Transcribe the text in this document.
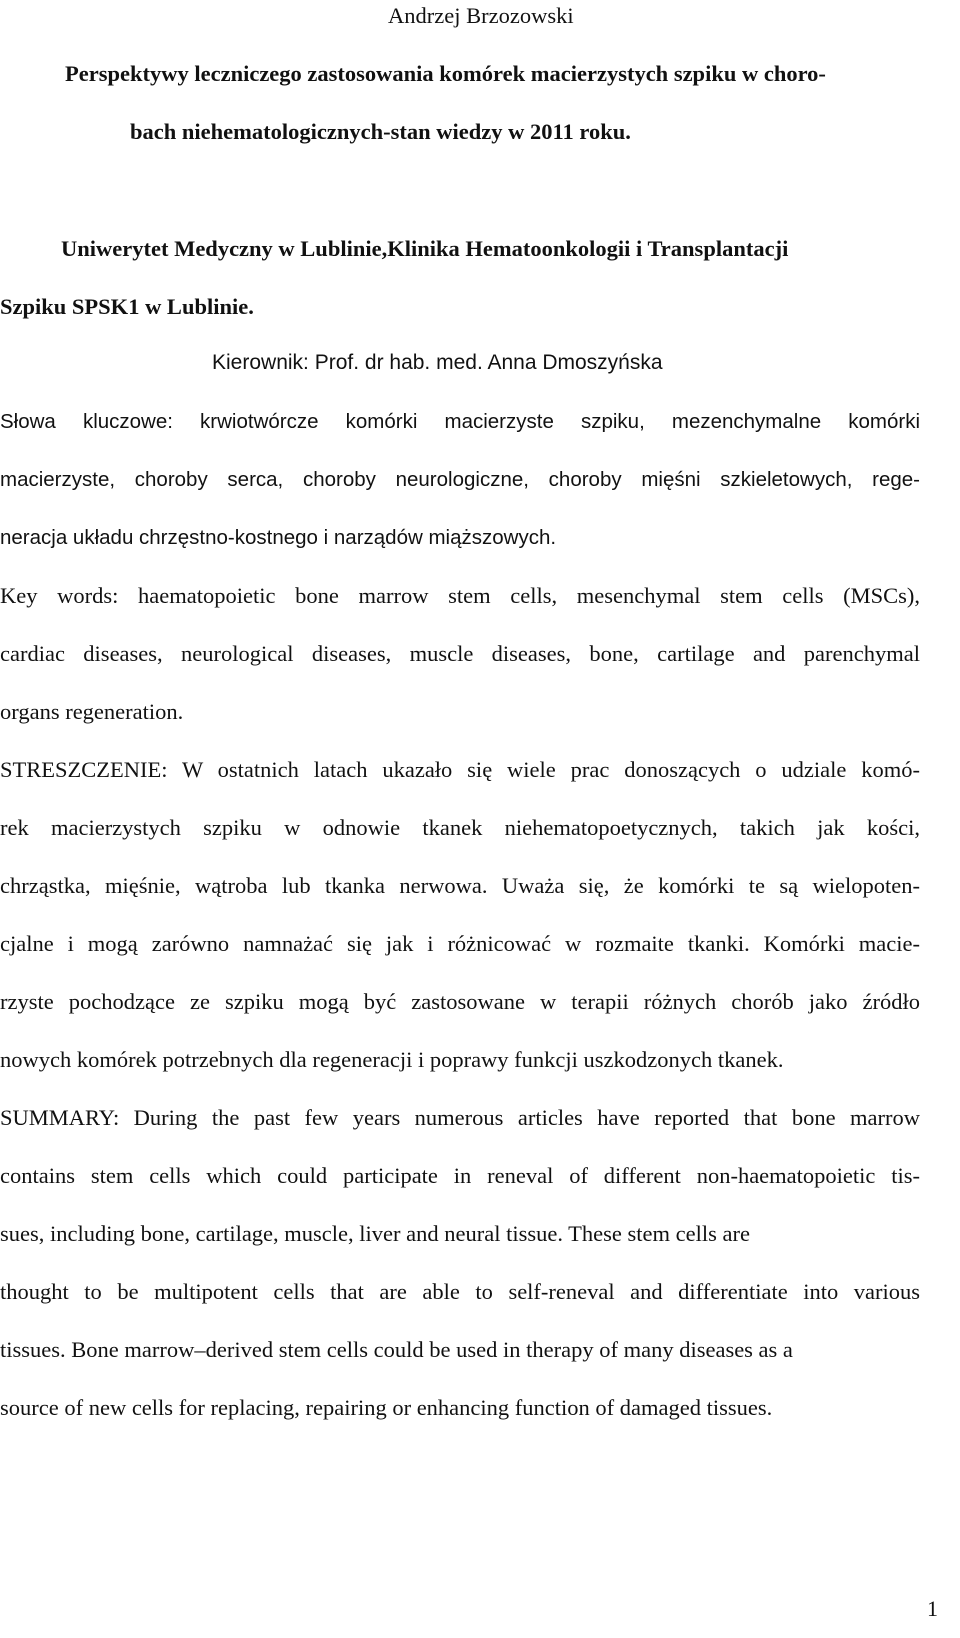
Andrzej Brzozowski
Perspektywy leczniczego zastosowania komórek macierzystych szpiku w choro-
bach niehematologicznych-stan wiedzy w 2011 roku.
Uniwerytet Medyczny w Lublinie,Klinika Hematoonkologii i Transplantacji
Szpiku SPSK1 w Lublinie.
Kierownik: Prof. dr hab. med. Anna Dmoszyńska
Słowa kluczowe: krwiotwórcze komórki macierzyste szpiku, mezenchymalne komórki
macierzyste, choroby serca, choroby neurologiczne, choroby mięśni szkieletowych, rege-
neracja układu chrzęstno-kostnego i narządów miąższowych.
Key words: haematopoietic bone marrow stem cells, mesenchymal stem cells (MSCs),
cardiac diseases, neurological diseases, muscle diseases, bone, cartilage and parenchymal
organs regeneration.
STRESZCZENIE: W ostatnich latach ukazało się wiele prac donoszących o udziale komó-
rek macierzystych szpiku w odnowie tkanek niehematopoetycznych, takich jak kości,
chrząstka, mięśnie, wątroba lub tkanka nerwowa. Uważa się, że komórki te są wielopoten-
cjalne i mogą zarówno namnażać się jak i różnicować w rozmaite tkanki. Komórki macie-
rzyste pochodzące ze szpiku mogą być zastosowane w terapii różnych chorób jako źródło
nowych komórek potrzebnych dla regeneracji i poprawy funkcji uszkodzonych tkanek.
SUMMARY: During the past few years numerous articles have reported that bone marrow
contains stem cells which could participate in reneval of different non-haematopoietic tis-
sues, including bone, cartilage, muscle, liver and neural tissue. These stem cells are
thought to be multipotent cells that are able to self-reneval and differentiate into various
tissues. Bone marrow–derived stem cells could be used in therapy of many diseases as a
source of new cells for replacing, repairing or enhancing function of damaged tissues.
1
